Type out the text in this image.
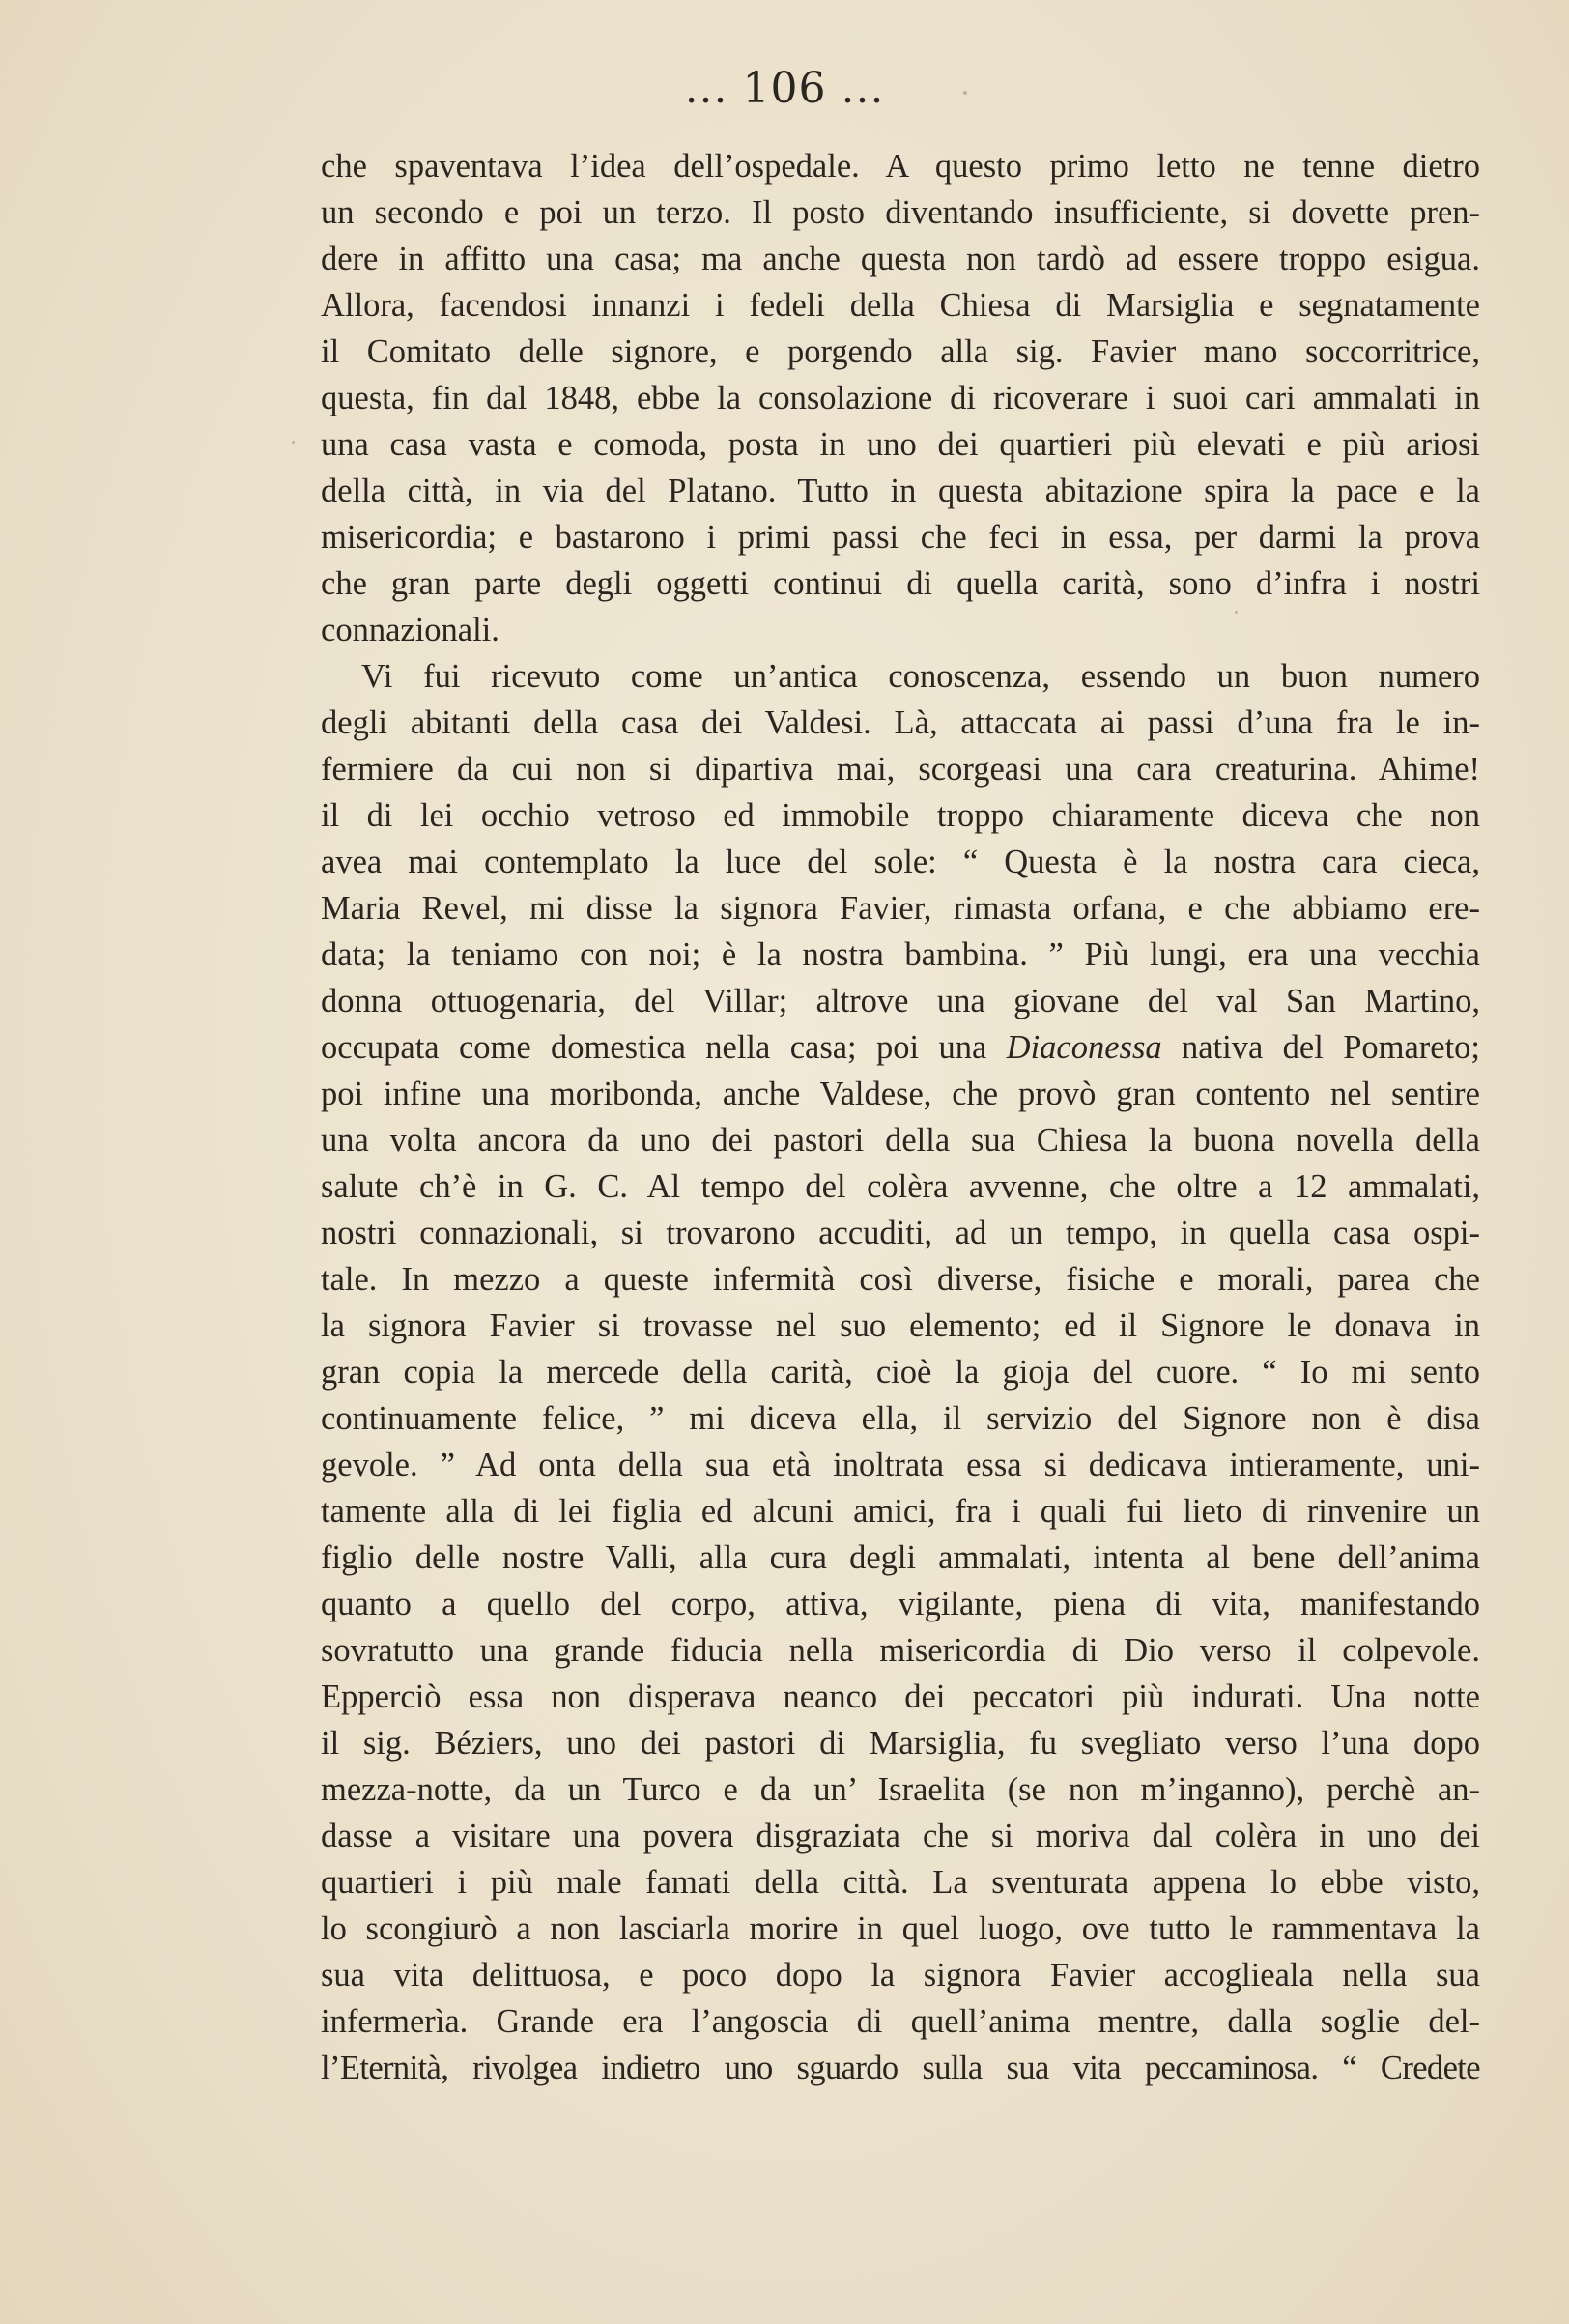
... 106 ...
che spaventava l’idea dell’ospedale. A questo primo letto ne tenne dietro
un secondo e poi un terzo. Il posto diventando insufficiente, si dovette pren-
dere in affitto una casa; ma anche questa non tardò ad essere troppo esigua.
Allora, facendosi innanzi i fedeli della Chiesa di Marsiglia e segnatamente
il Comitato delle signore, e porgendo alla sig. Favier mano soccorritrice,
questa, fin dal 1848, ebbe la consolazione di ricoverare i suoi cari ammalati in
una casa vasta e comoda, posta in uno dei quartieri più elevati e più ariosi
della città, in via del Platano. Tutto in questa abitazione spira la pace e la
misericordia; e bastarono i primi passi che feci in essa, per darmi la prova
che gran parte degli oggetti continui di quella carità, sono d’infra i nostri
connazionali.
Vi fui ricevuto come un’antica conoscenza, essendo un buon numero
degli abitanti della casa dei Valdesi. Là, attaccata ai passi d’una fra le in-
fermiere da cui non si dipartiva mai, scorgeasi una cara creaturina. Ahime!
il di lei occhio vetroso ed immobile troppo chiaramente diceva che non
avea mai contemplato la luce del sole: “ Questa è la nostra cara cieca,
Maria Revel, mi disse la signora Favier, rimasta orfana, e che abbiamo ere-
data; la teniamo con noi; è la nostra bambina. ” Più lungi, era una vecchia
donna ottuogenaria, del Villar; altrove una giovane del val San Martino,
occupata come domestica nella casa; poi una Diaconessa nativa del Pomareto;
poi infine una moribonda, anche Valdese, che provò gran contento nel sentire
una volta ancora da uno dei pastori della sua Chiesa la buona novella della
salute ch’è in G. C. Al tempo del colèra avvenne, che oltre a 12 ammalati,
nostri connazionali, si trovarono accuditi, ad un tempo, in quella casa ospi-
tale. In mezzo a queste infermità così diverse, fisiche e morali, parea che
la signora Favier si trovasse nel suo elemento; ed il Signore le donava in
gran copia la mercede della carità, cioè la gioja del cuore. “ Io mi sento
continuamente felice, ” mi diceva ella, il servizio del Signore non è disa
gevole. ” Ad onta della sua età inoltrata essa si dedicava intieramente, uni-
tamente alla di lei figlia ed alcuni amici, fra i quali fui lieto di rinvenire un
figlio delle nostre Valli, alla cura degli ammalati, intenta al bene dell’anima
quanto a quello del corpo, attiva, vigilante, piena di vita, manifestando
sovratutto una grande fiducia nella misericordia di Dio verso il colpevole.
Epperciò essa non disperava neanco dei peccatori più indurati. Una notte
il sig. Béziers, uno dei pastori di Marsiglia, fu svegliato verso l’una dopo
mezza-notte, da un Turco e da un’ Israelita (se non m’inganno), perchè an-
dasse a visitare una povera disgraziata che si moriva dal colèra in uno dei
quartieri i più male famati della città. La sventurata appena lo ebbe visto,
lo scongiurò a non lasciarla morire in quel luogo, ove tutto le rammentava la
sua vita delittuosa, e poco dopo la signora Favier accoglieala nella sua
infermerìa. Grande era l’angoscia di quell’anima mentre, dalla soglie del-
l’Eternità, rivolgea indietro uno sguardo sulla sua vita peccaminosa. “ Credete
